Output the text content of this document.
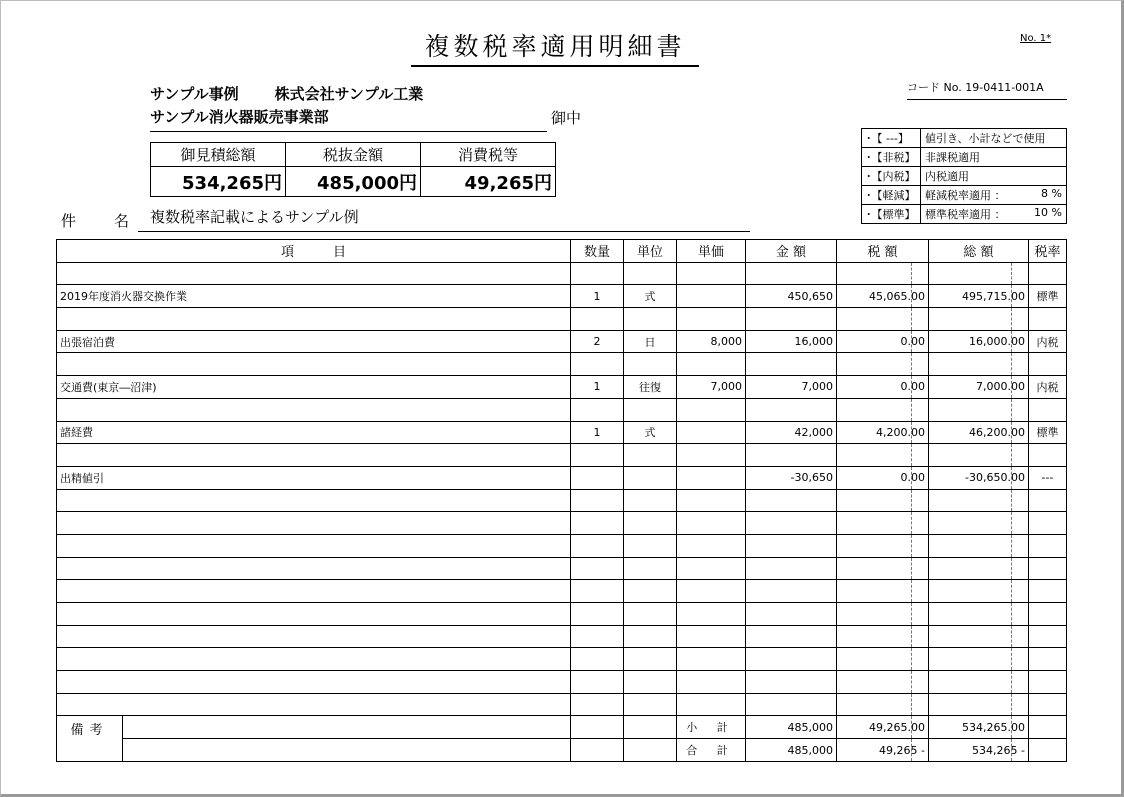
複数税率適用明細書	No. 1*
サンプル事例 株式会社サンプル工業
サンプル消火器販売事業部	御中
コード No. 19-0411-001A
御見積総額	税抜金額	消費税等
534,265円	485,000円	49,265円
･【 ---】	値引き、小計などで使用

･【非税】	非課税適用

･【内税】	内税適用

･【軽減】	軽減税率適用 ： 8 %

･【標準】	標準税率適用 ： 10 %
件	名	複数税率記載によるサンプル例
項　　　目	数量	単位	単価	金 額	税 額	総 額	税率

2019年度消火器交換作業	1	式		450,650	45,065.00	495,715.00	標準

出張宿泊費	2	日	8,000	16,000	0.00	16,000.00	内税

交通費(東京―沼津)	1	往復	7,000	7,000	0.00	7,000.00	内税

諸経費	1	式		42,000	4,200.00	46,200.00	標準

出精値引				-30,650	0.00	-30,650.00	---

備考			小 計	485,000	49,265.00	534,265.00	
			合 計	485,000	49,265 -	534,265 -	
